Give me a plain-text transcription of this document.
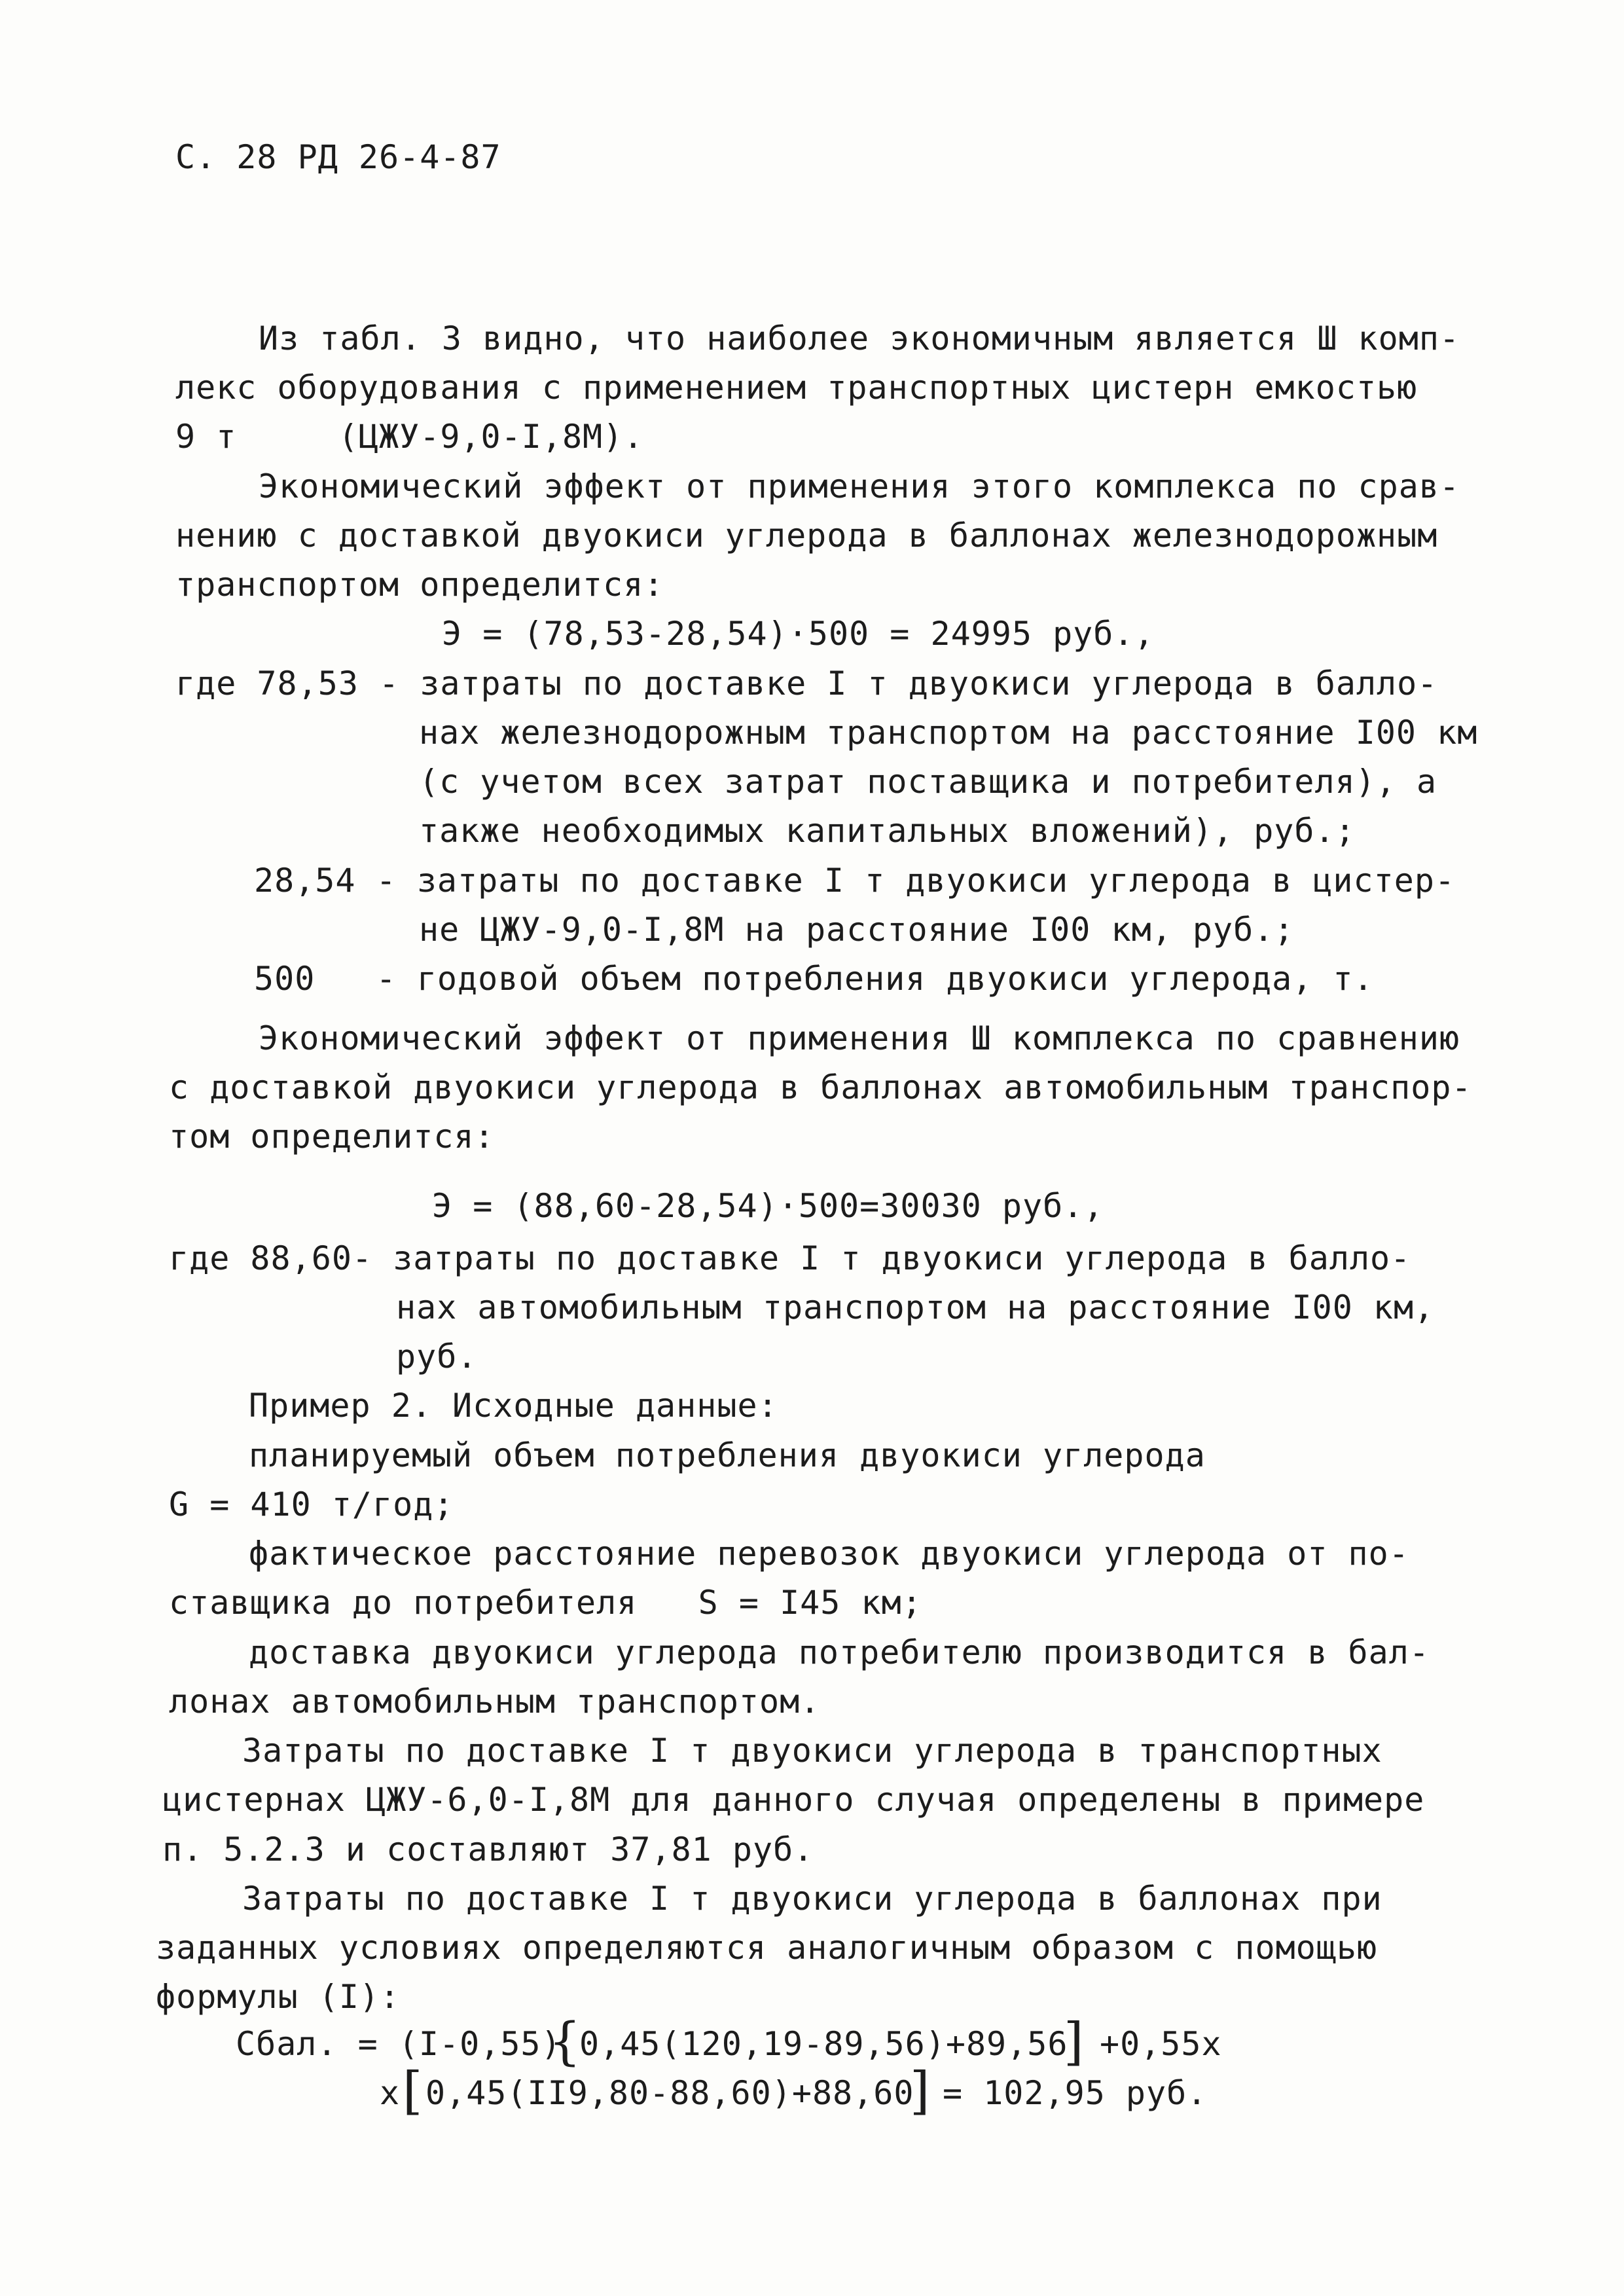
С. 28 РД 26-4-87
Из табл. 3 видно, что наиболее экономичным является Ш комп-
лекс оборудования с применением транспортных цистерн емкостью
9 т     (ЦЖУ-9,0-I,8М).
Экономический эффект от применения этого комплекса по срав-
нению с доставкой двуокиси углерода в баллонах железнодорожным
транспортом определится:
Э = (78,53-28,54)·500 = 24995 руб.,
где 78,53 - затраты по доставке I т двуокиси углерода в балло-
нах железнодорожным транспортом на расстояние I00 км
(с учетом всех затрат поставщика и потребителя), а
также необходимых капитальных вложений), руб.;
28,54 - затраты по доставке I т двуокиси углерода в цистер-
не ЦЖУ-9,0-I,8М на расстояние I00 км, руб.;
500   - годовой объем потребления двуокиси углерода, т.
Экономический эффект от применения Ш комплекса по сравнению
с доставкой двуокиси углерода в баллонах автомобильным транспор-
том определится:
Э = (88,60-28,54)·500=30030 руб.,
где 88,60- затраты по доставке I т двуокиси углерода в балло-
нах автомобильным транспортом на расстояние I00 км,
руб.
Пример 2. Исходные данные:
планируемый объем потребления двуокиси углерода
G = 410 т/год;
фактическое расстояние перевозок двуокиси углерода от по-
ставщика до потребителя   S = I45 км;
доставка двуокиси углерода потребителю производится в бал-
лонах автомобильным транспортом.
Затраты по доставке I т двуокиси углерода в транспортных
цистернах ЦЖУ-6,0-I,8М для данного случая определены в примере
п. 5.2.3 и составляют 37,81 руб.
Затраты по доставке I т двуокиси углерода в баллонах при
заданных условиях определяются аналогичным образом с помощью
формулы (I):
Сбал. = (I-0,55)
{
0,45(120,19-89,56)+89,56
] +0,55x
x [ 0,45(II9,80-88,60)+88,60
] = 102,95 руб.
